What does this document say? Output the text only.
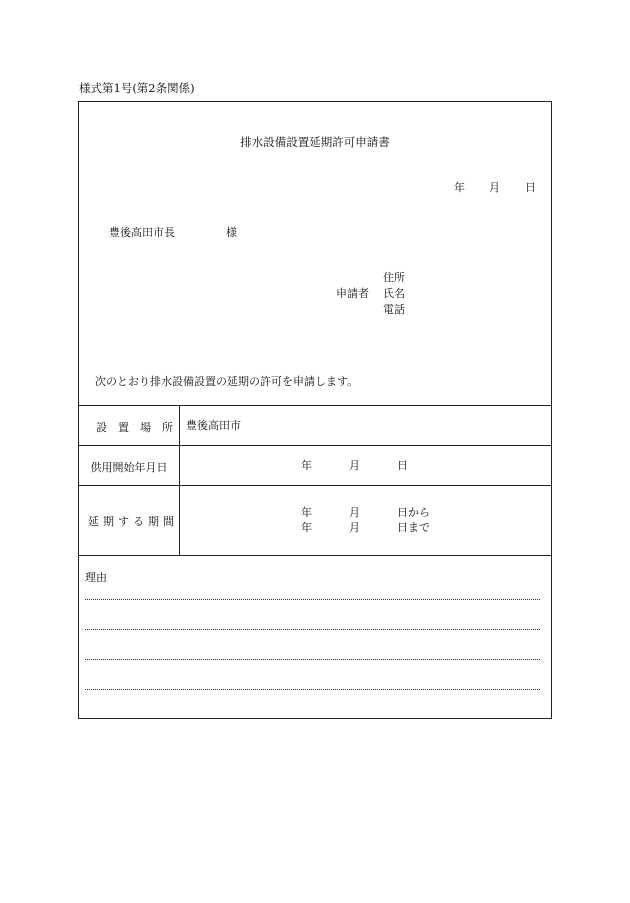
様式第1号(第2条関係)
排水設備設置延期許可申請書
年 月 日
豊後高田市長	様
住所
申請者 氏名
電話
次のとおり排水設備設置の延期の許可を申請します。
設置場所 豊後高田市
供用開始年月日	年	月	日
延期する期間
年	月	日から
年	月	日まで
理由
